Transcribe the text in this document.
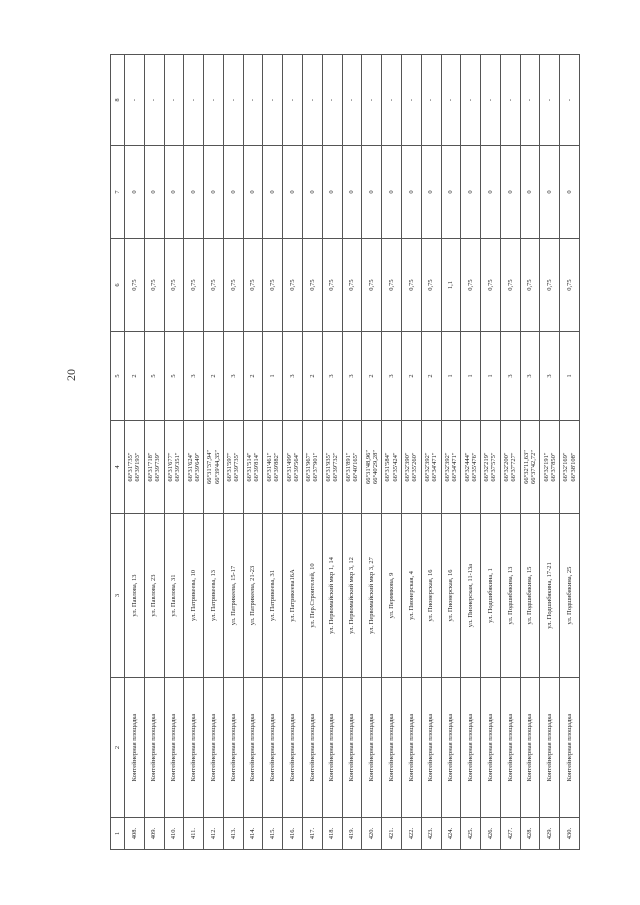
20
1	2	3	4	5	6	7	8
408.	Контейнерная площадка	ул. Павлова, 13	66°31'735" 66°39'193"	2	0,75	0	-
409.	Контейнерная площадка	ул. Павлова, 23	66°31'718" 66°39'739"	5	0,75	0	-
410.	Контейнерная площадка	ул. Павлова, 31	66°31'677" 66°39'351"	5	0,75	0	-
411.	Контейнерная площадка	ул. Патрикеева, 10	66°31'624" 66°39'649"	3	0,75	0	-
412.	Контейнерная площадка	ул. Патрикеева, 13	66°31'37,94" 66°39'44,35"	2	0,75	0	-
413.	Контейнерная площадка	ул. Патрикеева, 15-17	66°31'597" 66°39'735"	3	0,75	0	-
414.	Контейнерная площадка	ул. Патрикеева, 21-23	66°31'514" 66°39'814"	2	0,75	0	-
415.	Контейнерная площадка	ул. Патрикеева, 31	66°31'461" 66°39'882"	1	0,75	0	-
416.	Контейнерная площадка	ул. Патрикеева16А	66°31'499" 66°39'564"	3	0,75	0	-
417.	Контейнерная площадка	ул. Пер.Строителей, 10	66°31'967" 66°37'901"	2	0,75	0	-
418.	Контейнерная площадка	ул. Первомайский мкр 1, 14	66°31'935" 66°39'732"	3	0,75	0	-
419.	Контейнерная площадка	ул. Первомайский мкр 3, 12	66°31'891" 66°40'165"	3	0,75	0	-
420.	Контейнерная площадка	ул. Первомайский мкр 3, 27	66°31'48,96" 66°40'29,28"	2	0,75	0	-
421.	Контейнерная площадка	ул. Пермякова, 9	66°31'584" 66°35'424"	3	0,75	0	-
422.	Контейнерная площадка	ул. Пионерская, 4	66°32'390" 66°35'260"	2	0,75	0	-
423.	Контейнерная площадка	ул. Пионерская, 16	66°32'392" 66°34'471"	2	0,75	0	-
424.	Контейнерная площадка	ул. Пионерская, 16	66°32'392" 66°34'471"	1	1,1	0	-
425.	Контейнерная площадка	ул. Пионерская, 11-13а	66°32'444" 66°35'476"	1	0,75	0	-
426.	Контейнерная площадка	ул. Подшибякина, 1	66°32'219" 66°37'575"	1	0,75	0	-
427.	Контейнерная площадка	ул. Подшибякина, 13	66°32'200" 66°37'727"	3	0,75	0	-
428.	Контейнерная площадка	ул. Подшибякина, 15	66°32'11,63" 66°37'42,72"	3	0,75	0	-
429.	Контейнерная площадка	ул. Подшибякина, 17-21	66°32'191" 66°37'850"	3	0,75	0	-
430.	Контейнерная площадка	ул. Подшибякина, 25	66°32'169" 66°38'108"	1	0,75	0	-
